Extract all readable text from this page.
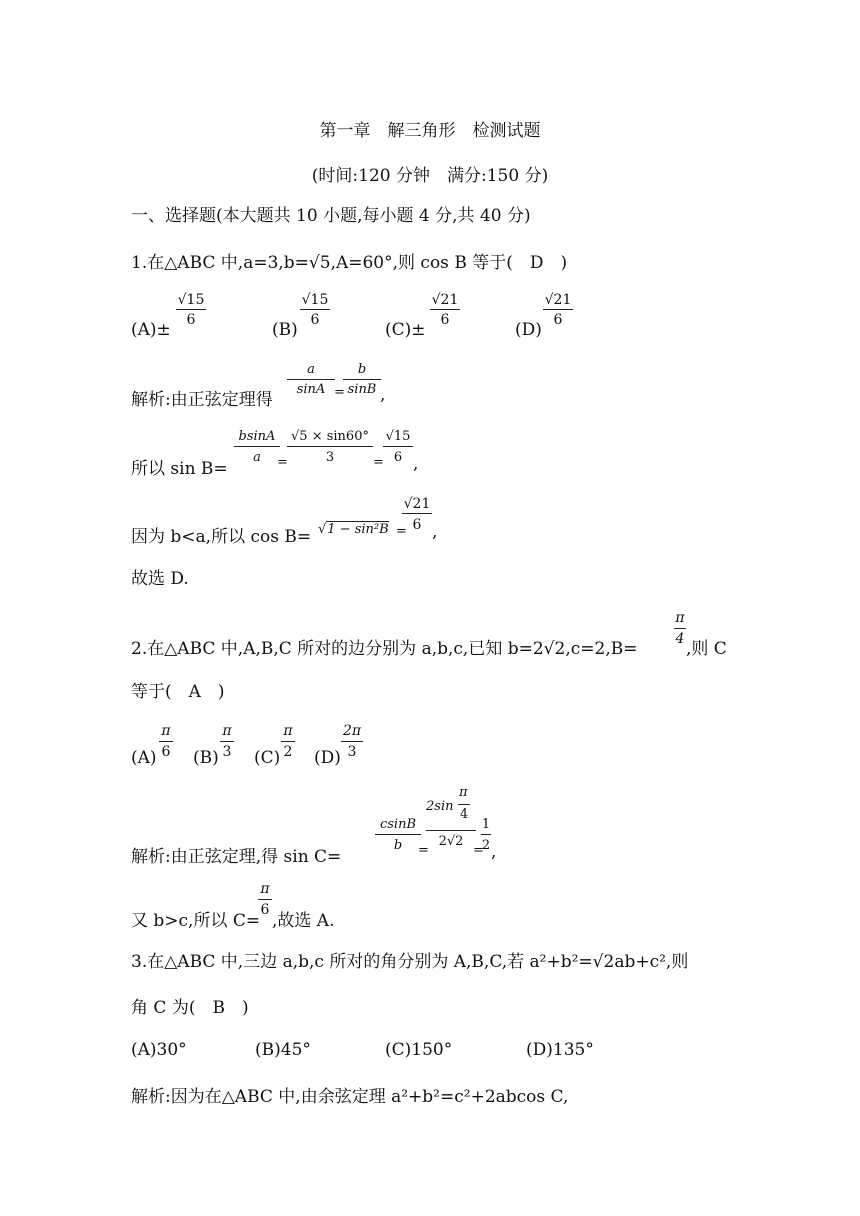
第一章　解三角形　检测试题
(时间:120 分钟　满分:150 分)
一、选择题(本大题共 10 小题,每小题 4 分,共 40 分)
1.在△ABC 中,a=3,b=√5,A=60°,则 cos B 等于(　D　)
(A)±
√15
6	(B)
√15
6	(C)±
√21
6	(D)
√21
6
解析:由正弦定理得
a
sinA =
b
sinB ,
所以 sin B=
bsinA
a	=
√5 × sin60°
3	=
√15
6 ,
因为 b<a,所以 cos B= √1 − sin²B =
√21
6 ,
故选 D.
2.在△ABC 中,A,B,C 所对的边分别为 a,b,c,已知 b=2√2,c=2,B=
π
4 ,则 C
等于(　A　)
(A)
π
6 (B)
π
3 (C)
π
2 (D)
2π
3
解析:由正弦定理,得 sin C=
csinB
b	=
2sin
π
4
2√2
=
1
2 ,
又 b>c,所以 C=
π
6
,故选 A.
3.在△ABC 中,三边 a,b,c 所对的角分别为 A,B,C,若 a²+b²=√2ab+c²,则
角 C 为(　B　)
(A)30°	(B)45°	(C)150°	(D)135°
解析:因为在△ABC 中,由余弦定理 a²+b²=c²+2abcos C,
